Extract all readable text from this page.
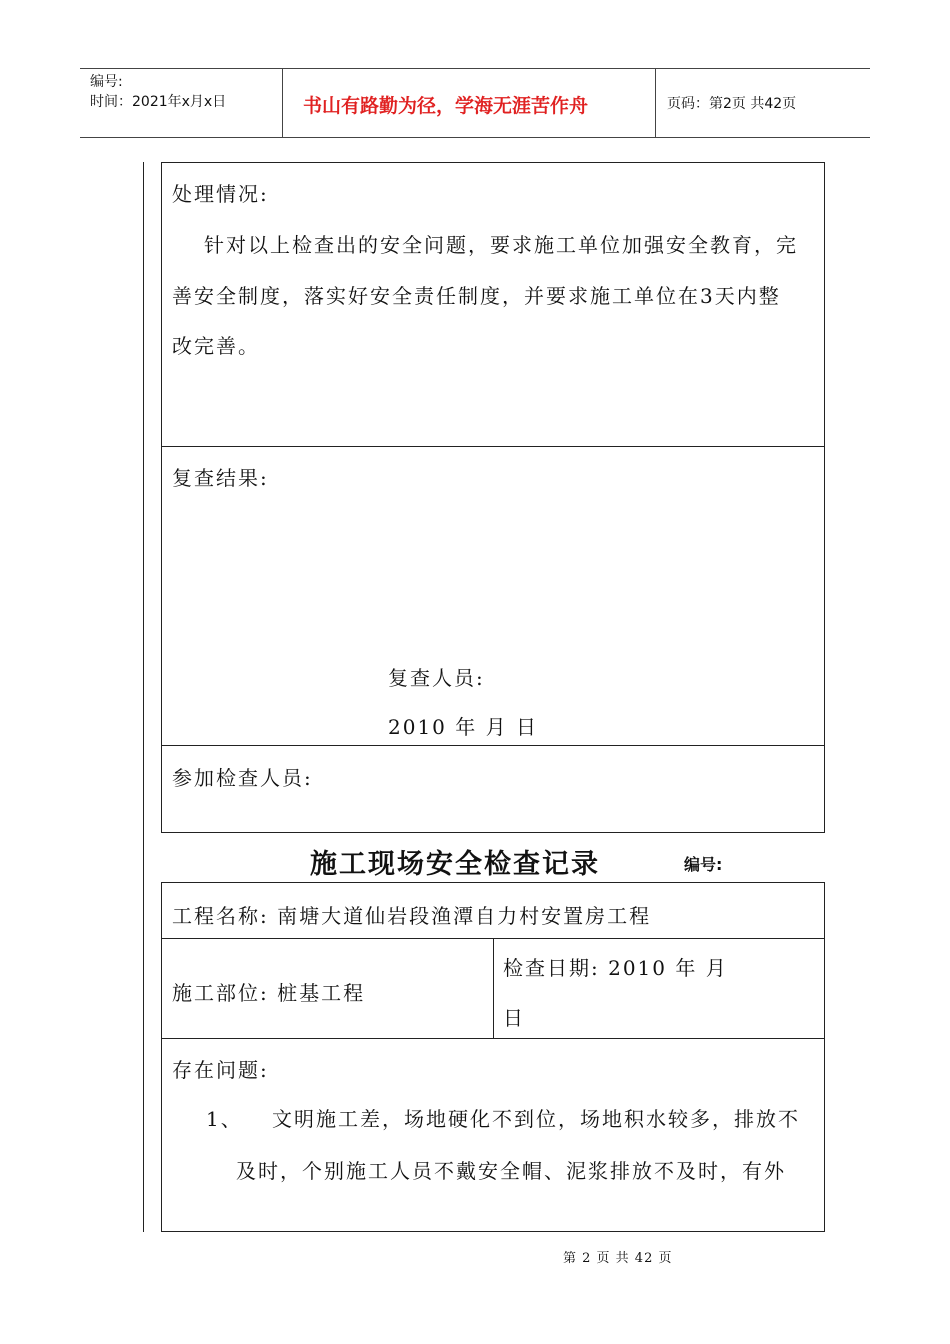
编号:
时间：2021年x月x日	书山有路勤为径，学海无涯苦作舟	页码：第2页 共42页
处理情况:
针对以上检查出的安全问题，要求施工单位加强安全教育，完
善安全制度，落实好安全责任制度，并要求施工单位在3天内整
改完善。
复查结果:
复查人员:
2010 年 月 日
参加检查人员:
施工现场安全检查记录	编号:
工程名称: 南塘大道仙岩段渔潭自力村安置房工程
施工部位: 桩基工程
检查日期: 2010 年 月
日
存在问题:
1、 文明施工差，场地硬化不到位，场地积水较多，排放不
及时，个别施工人员不戴安全帽、泥浆排放不及时，有外
第 2 页 共 42 页
